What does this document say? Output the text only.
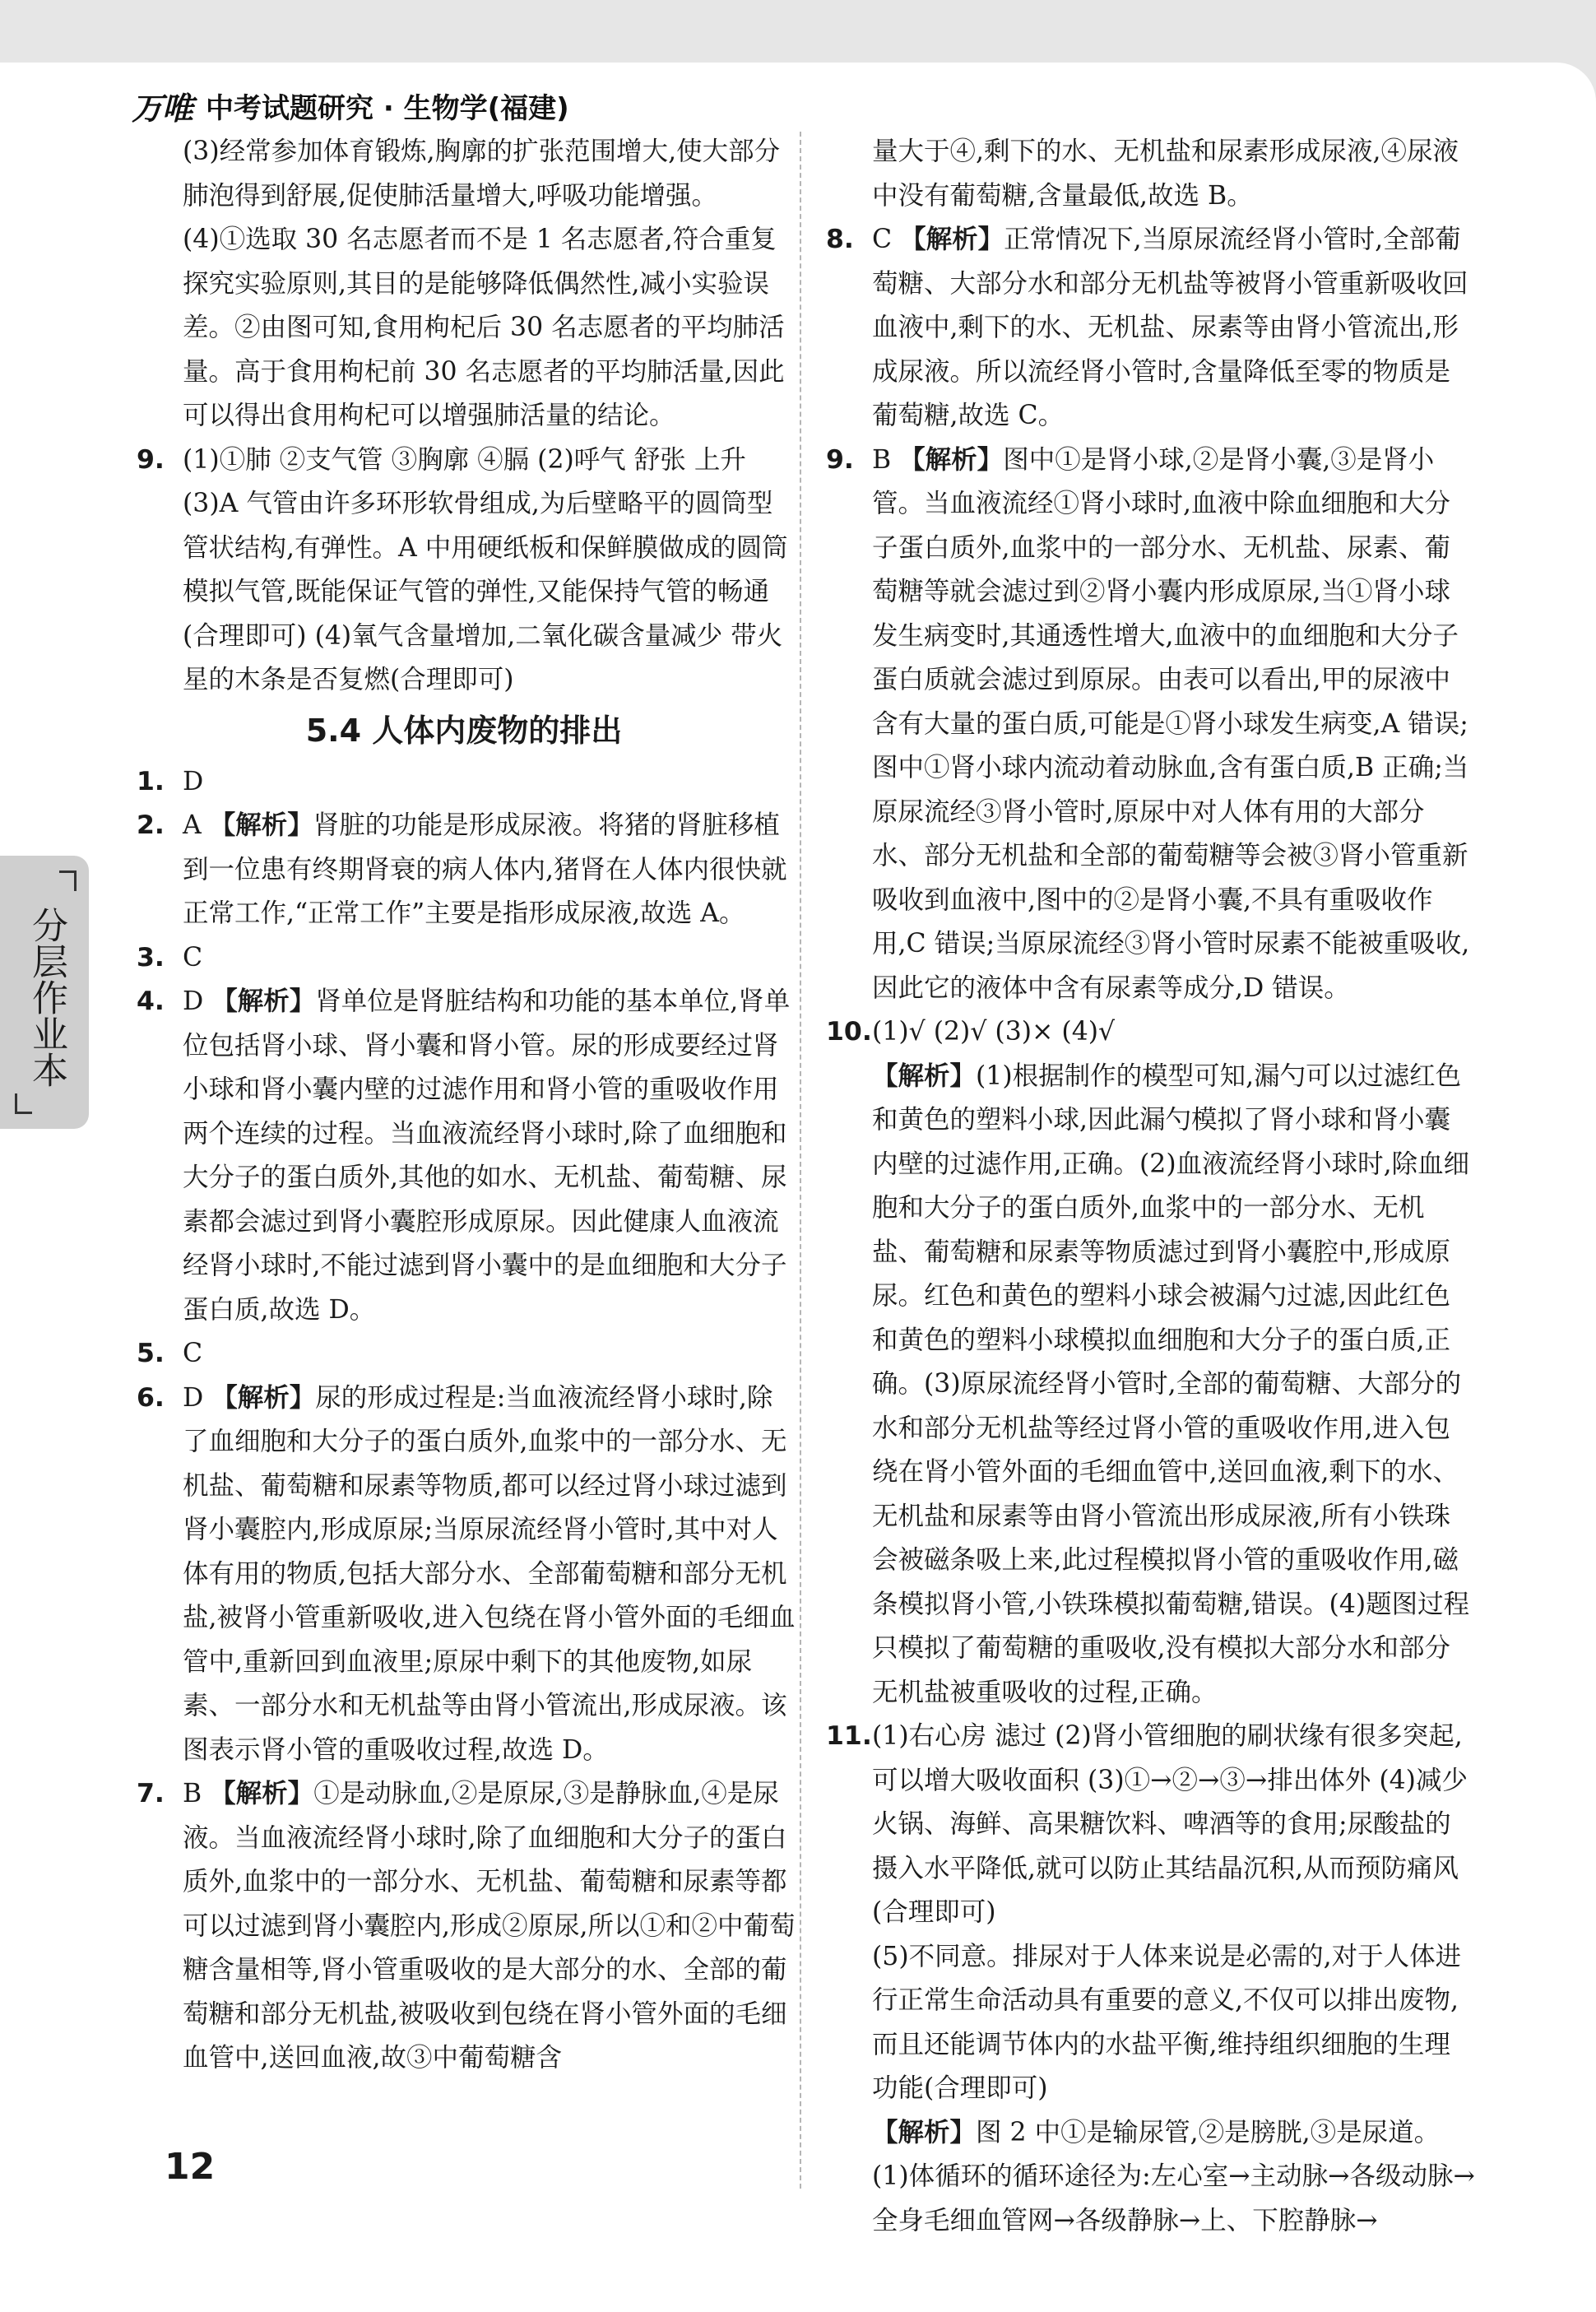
万唯 中考试题研究 · 生物学(福建)

(3)经常参加体育锻炼,胸廓的扩张范围增大,使大部分肺泡得到舒展,促使肺活量增大,呼吸功能增强。

(4)①选取 30 名志愿者而不是 1 名志愿者,符合重复探究实验原则,其目的是能够降低偶然性,减小实验误差。②由图可知,食用枸杞后 30 名志愿者的平均肺活量。高于食用枸杞前 30 名志愿者的平均肺活量,因此可以得出食用枸杞可以增强肺活量的结论。

9. (1)①肺 ②支气管 ③胸廓 ④膈 (2)呼气 舒张 上升 (3)A 气管由许多环形软骨组成,为后壁略平的圆筒型管状结构,有弹性。A 中用硬纸板和保鲜膜做成的圆筒模拟气管,既能保证气管的弹性,又能保持气管的畅通(合理即可) (4)氧气含量增加,二氧化碳含量减少 带火星的木条是否复燃(合理即可)
5.4 人体内废物的排出
1. D
2. A 【解析】肾脏的功能是形成尿液。将猪的肾脏移植到一位患有终期肾衰的病人体内,猪肾在人体内很快就正常工作,“正常工作”主要是指形成尿液,故选 A。
3. C
4. D 【解析】肾单位是肾脏结构和功能的基本单位,肾单位包括肾小球、肾小囊和肾小管。尿的形成要经过肾小球和肾小囊内壁的过滤作用和肾小管的重吸收作用两个连续的过程。当血液流经肾小球时,除了血细胞和大分子的蛋白质外,其他的如水、无机盐、葡萄糖、尿素都会滤过到肾小囊腔形成原尿。因此健康人血液流经肾小球时,不能过滤到肾小囊中的是血细胞和大分子蛋白质,故选 D。
5. C
6. D 【解析】尿的形成过程是:当血液流经肾小球时,除了血细胞和大分子的蛋白质外,血浆中的一部分水、无机盐、葡萄糖和尿素等物质,都可以经过肾小球过滤到肾小囊腔内,形成原尿;当原尿流经肾小管时,其中对人体有用的物质,包括大部分水、全部葡萄糖和部分无机盐,被肾小管重新吸收,进入包绕在肾小管外面的毛细血管中,重新回到血液里;原尿中剩下的其他废物,如尿素、一部分水和无机盐等由肾小管流出,形成尿液。该图表示肾小管的重吸收过程,故选 D。
7. B 【解析】①是动脉血,②是原尿,③是静脉血,④是尿液。当血液流经肾小球时,除了血细胞和大分子的蛋白质外,血浆中的一部分水、无机盐、葡萄糖和尿素等都可以过滤到肾小囊腔内,形成②原尿,所以①和②中葡萄糖含量相等,肾小管重吸收的是大部分的水、全部的葡萄糖和部分无机盐,被吸收到包绕在肾小管外面的毛细血管中,送回血液,故③中葡萄糖含

量大于④,剩下的水、无机盐和尿素形成尿液,④尿液中没有葡萄糖,含量最低,故选 B。

8. C 【解析】正常情况下,当原尿流经肾小管时,全部葡萄糖、大部分水和部分无机盐等被肾小管重新吸收回血液中,剩下的水、无机盐、尿素等由肾小管流出,形成尿液。所以流经肾小管时,含量降低至零的物质是葡萄糖,故选 C。
9. B 【解析】图中①是肾小球,②是肾小囊,③是肾小管。当血液流经①肾小球时,血液中除血细胞和大分子蛋白质外,血浆中的一部分水、无机盐、尿素、葡萄糖等就会滤过到②肾小囊内形成原尿,当①肾小球发生病变时,其通透性增大,血液中的血细胞和大分子蛋白质就会滤过到原尿。由表可以看出,甲的尿液中含有大量的蛋白质,可能是①肾小球发生病变,A 错误;图中①肾小球内流动着动脉血,含有蛋白质,B 正确;当原尿流经③肾小管时,原尿中对人体有用的大部分水、部分无机盐和全部的葡萄糖等会被③肾小管重新吸收到血液中,图中的②是肾小囊,不具有重吸收作用,C 错误;当原尿流经③肾小管时尿素不能被重吸收,因此它的液体中含有尿素等成分,D 错误。
10. (1)√ (2)√ (3)× (4)√
【解析】(1)根据制作的模型可知,漏勺可以过滤红色和黄色的塑料小球,因此漏勺模拟了肾小球和肾小囊内壁的过滤作用,正确。(2)血液流经肾小球时,除血细胞和大分子的蛋白质外,血浆中的一部分水、无机盐、葡萄糖和尿素等物质滤过到肾小囊腔中,形成原尿。红色和黄色的塑料小球会被漏勺过滤,因此红色和黄色的塑料小球模拟血细胞和大分子的蛋白质,正确。(3)原尿流经肾小管时,全部的葡萄糖、大部分的水和部分无机盐等经过肾小管的重吸收作用,进入包绕在肾小管外面的毛细血管中,送回血液,剩下的水、无机盐和尿素等由肾小管流出形成尿液,所有小铁珠会被磁条吸上来,此过程模拟肾小管的重吸收作用,磁条模拟肾小管,小铁珠模拟葡萄糖,错误。(4)题图过程只模拟了葡萄糖的重吸收,没有模拟大部分水和部分无机盐被重吸收的过程,正确。
11. (1)右心房 滤过 (2)肾小管细胞的刷状缘有很多突起,可以增大吸收面积 (3)①→②→③→排出体外 (4)减少火锅、海鲜、高果糖饮料、啤酒等的食用;尿酸盐的摄入水平降低,就可以防止其结晶沉积,从而预防痛风(合理即可)

(5)不同意。排尿对于人体来说是必需的,对于人体进行正常生命活动具有重要的意义,不仅可以排出废物,而且还能调节体内的水盐平衡,维持组织细胞的生理功能(合理即可)

【解析】图 2 中①是输尿管,②是膀胱,③是尿道。(1)体循环的循环途径为:左心室→主动脉→各级动脉→全身毛细血管网→各级静脉→上、下腔静脉→
分层作业本
12
